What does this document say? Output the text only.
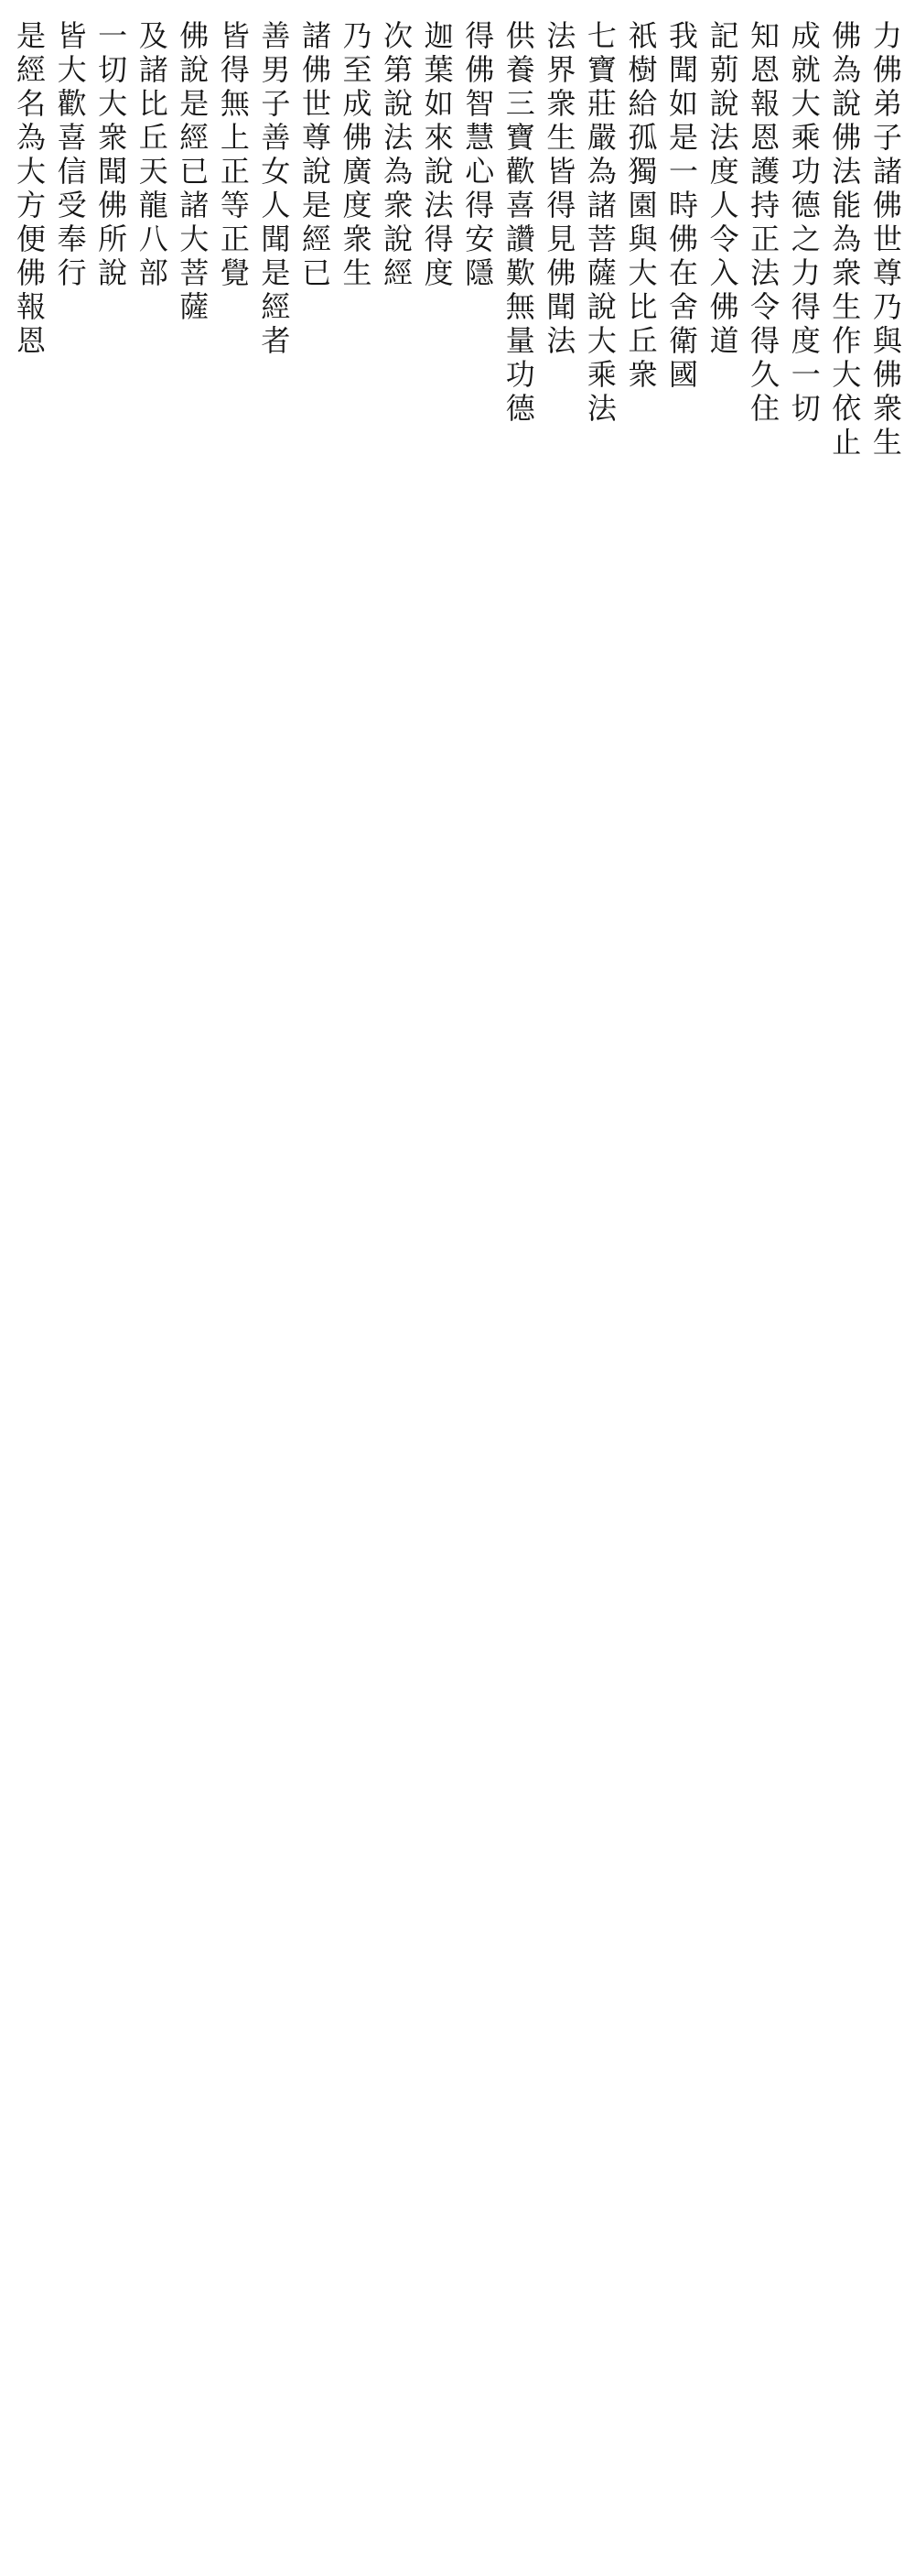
力佛弟子諸佛世尊乃與佛衆生
佛為說佛法能為衆生作大依止
成就大乘功德之力得度一切
知恩報恩護持正法令得久住
記莂說法度人令入佛道
我聞如是一時佛在舍衛國
祇樹給孤獨園與大比丘衆
七寶莊嚴為諸菩薩說大乘法
法界衆生皆得見佛聞法
供養三寶歡喜讚歎無量功德
得佛智慧心得安隱
迦葉如來說法得度
次第說法為衆說經
乃至成佛廣度衆生
諸佛世尊說是經已
善男子善女人聞是經者
皆得無上正等正覺
佛說是經已諸大菩薩
及諸比丘天龍八部
一切大衆聞佛所說
皆大歡喜信受奉行
是經名為大方便佛報恩
